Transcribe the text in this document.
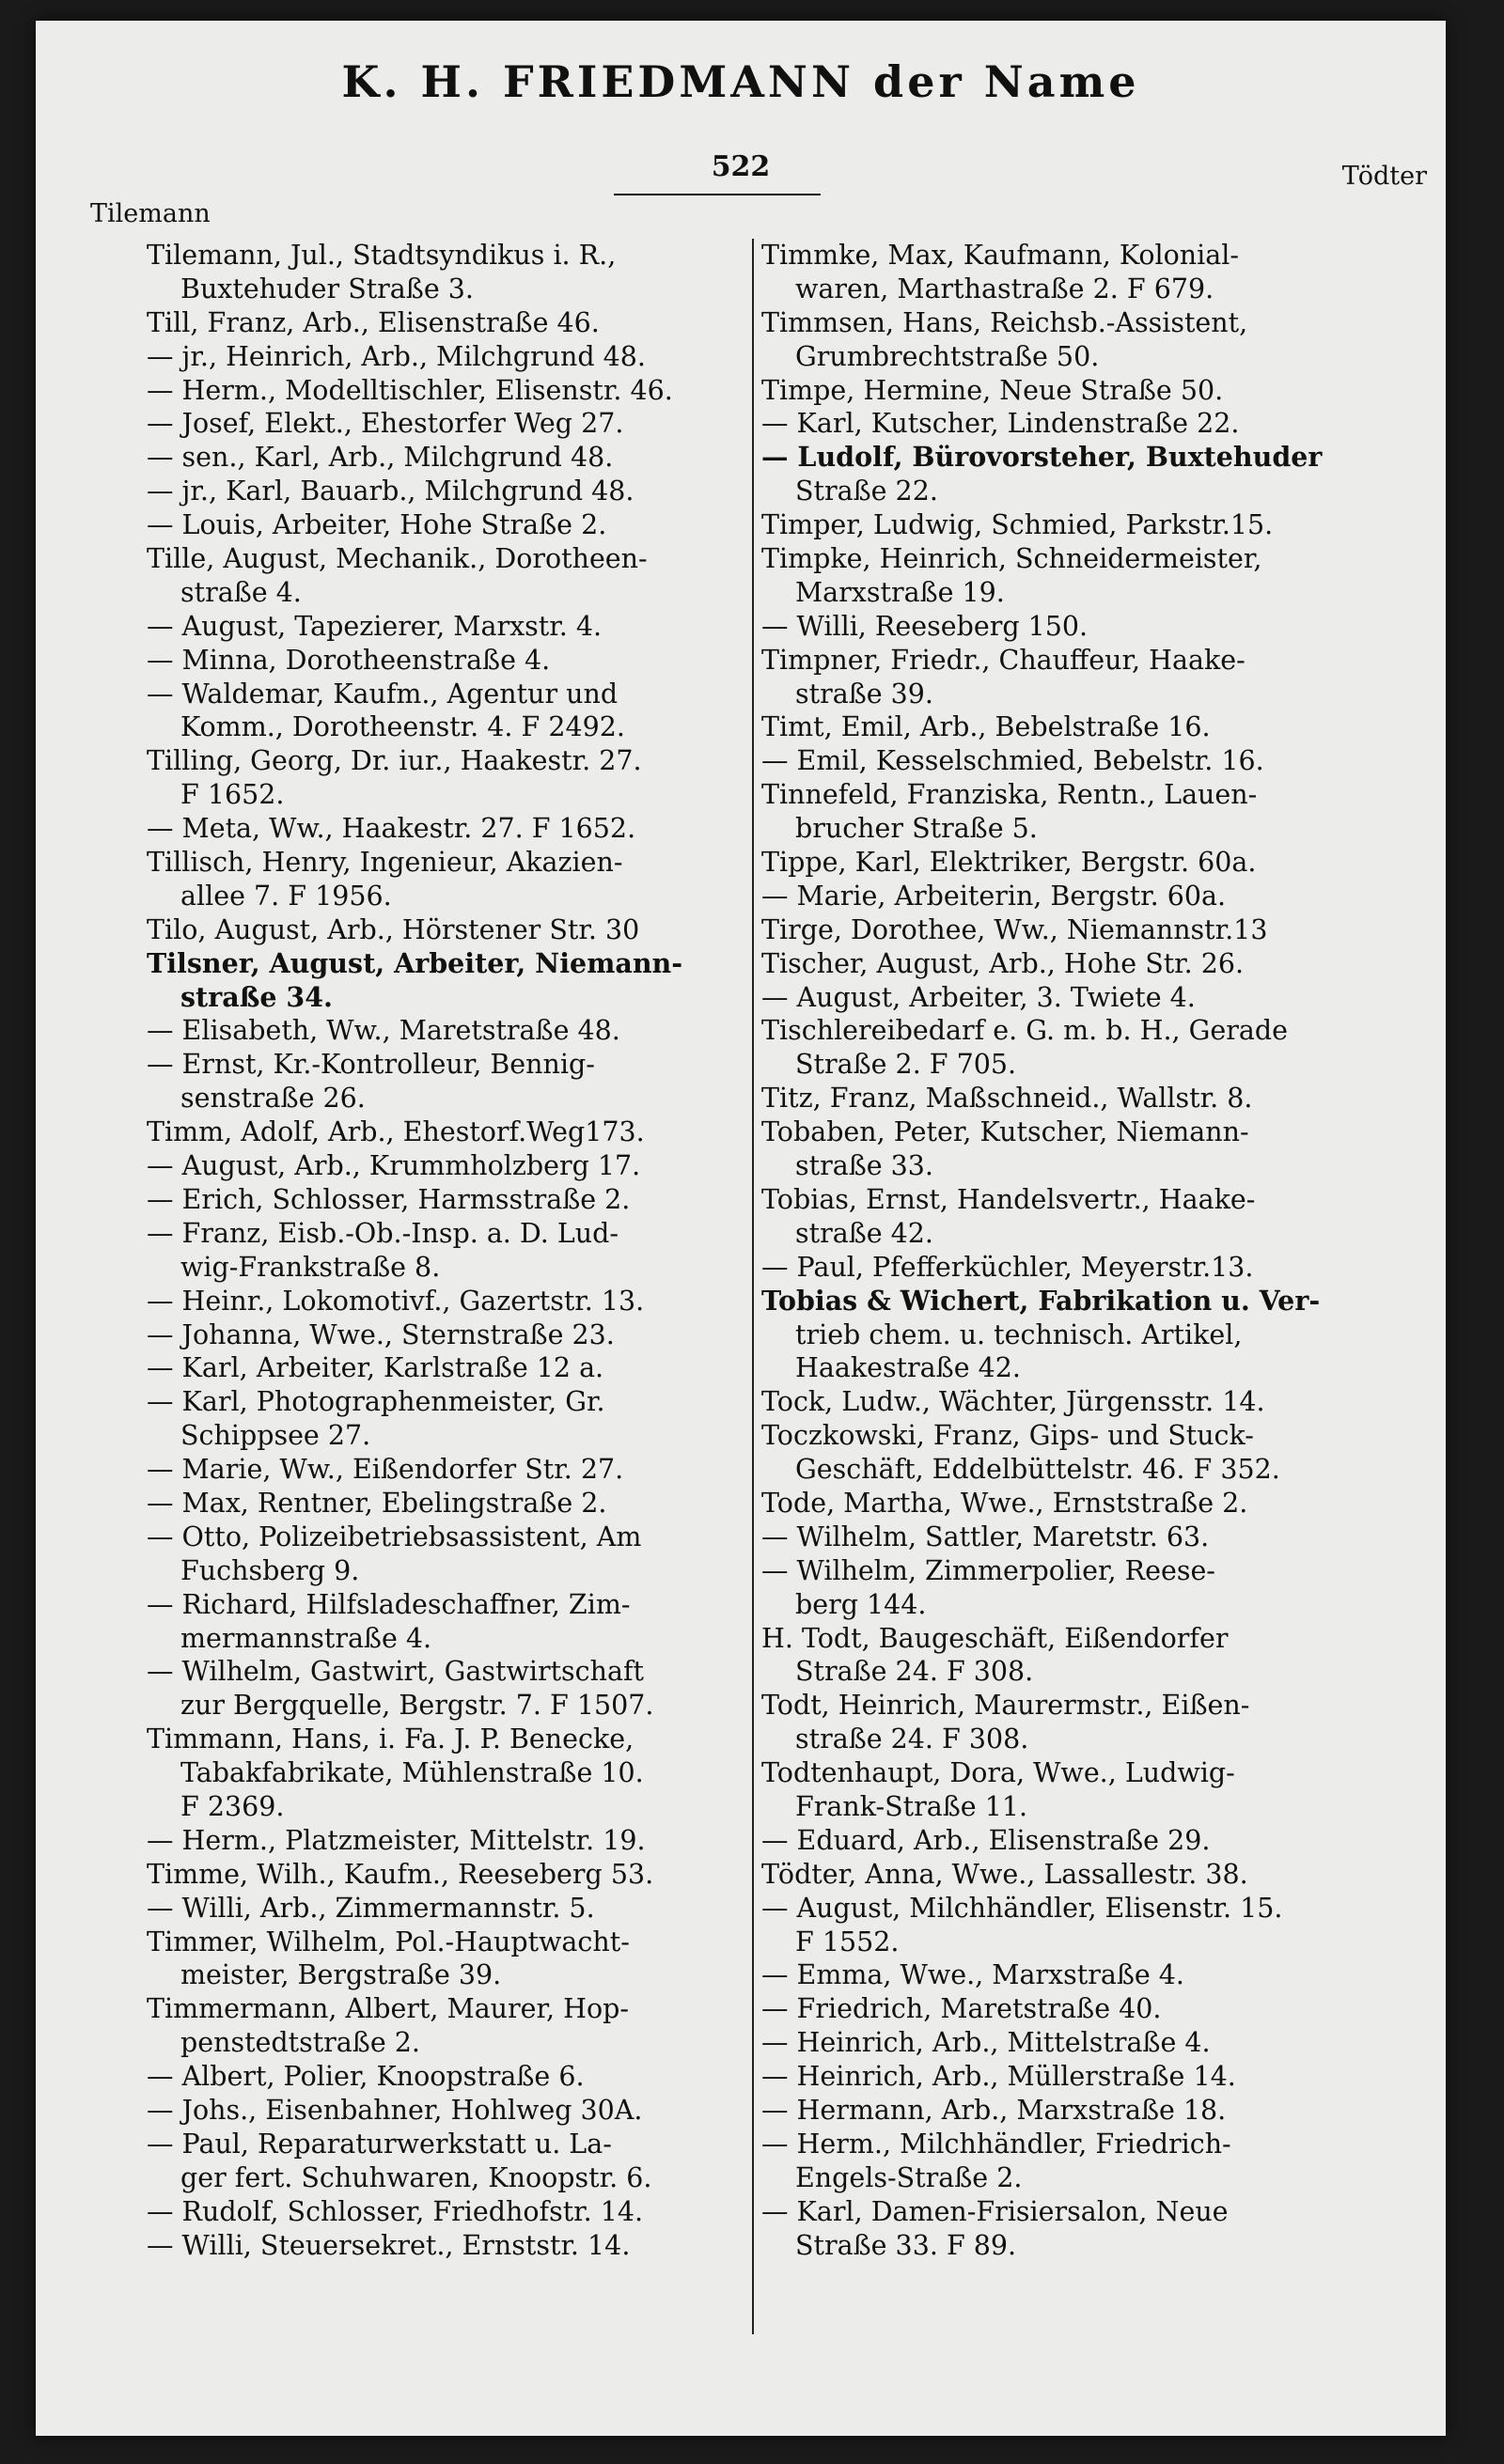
K. H. FRIEDMANN der Name
522
Tilemann
Tödter
Tilemann, Jul., Stadtsyndikus i. R.,
Buxtehuder Straße 3.
Till, Franz, Arb., Elisenstraße 46.
— jr., Heinrich, Arb., Milchgrund 48.
— Herm., Modelltischler, Elisenstr. 46.
— Josef, Elekt., Ehestorfer Weg 27.
— sen., Karl, Arb., Milchgrund 48.
— jr., Karl, Bauarb., Milchgrund 48.
— Louis, Arbeiter, Hohe Straße 2.
Tille, August, Mechanik., Dorotheen-
straße 4.
— August, Tapezierer, Marxstr. 4.
— Minna, Dorotheenstraße 4.
— Waldemar, Kaufm., Agentur und
Komm., Dorotheenstr. 4. F 2492.
Tilling, Georg, Dr. iur., Haakestr. 27.
F 1652.
— Meta, Ww., Haakestr. 27. F 1652.
Tillisch, Henry, Ingenieur, Akazien-
allee 7. F 1956.
Tilo, August, Arb., Hörstener Str. 30
Tilsner, August, Arbeiter, Niemann-
straße 34.
— Elisabeth, Ww., Maretstraße 48.
— Ernst, Kr.-Kontrolleur, Bennig-
senstraße 26.
Timm, Adolf, Arb., Ehestorf.Weg173.
— August, Arb., Krummholzberg 17.
— Erich, Schlosser, Harmsstraße 2.
— Franz, Eisb.-Ob.-Insp. a. D. Lud-
wig-Frankstraße 8.
— Heinr., Lokomotivf., Gazertstr. 13.
— Johanna, Wwe., Sternstraße 23.
— Karl, Arbeiter, Karlstraße 12 a.
— Karl, Photographenmeister, Gr.
Schippsee 27.
— Marie, Ww., Eißendorfer Str. 27.
— Max, Rentner, Ebelingstraße 2.
— Otto, Polizeibetriebsassistent, Am
Fuchsberg 9.
— Richard, Hilfsladeschaffner, Zim-
mermannstraße 4.
— Wilhelm, Gastwirt, Gastwirtschaft
zur Bergquelle, Bergstr. 7. F 1507.
Timmann, Hans, i. Fa. J. P. Benecke,
Tabakfabrikate, Mühlenstraße 10.
F 2369.
— Herm., Platzmeister, Mittelstr. 19.
Timme, Wilh., Kaufm., Reeseberg 53.
— Willi, Arb., Zimmermannstr. 5.
Timmer, Wilhelm, Pol.-Hauptwacht-
meister, Bergstraße 39.
Timmermann, Albert, Maurer, Hop-
penstedtstraße 2.
— Albert, Polier, Knoopstraße 6.
— Johs., Eisenbahner, Hohlweg 30A.
— Paul, Reparaturwerkstatt u. La-
ger fert. Schuhwaren, Knoopstr. 6.
— Rudolf, Schlosser, Friedhofstr. 14.
— Willi, Steuersekret., Ernststr. 14.
Timmke, Max, Kaufmann, Kolonial-
waren, Marthastraße 2. F 679.
Timmsen, Hans, Reichsb.-Assistent,
Grumbrechtstraße 50.
Timpe, Hermine, Neue Straße 50.
— Karl, Kutscher, Lindenstraße 22.
— Ludolf, Bürovorsteher, Buxtehuder
Straße 22.
Timper, Ludwig, Schmied, Parkstr.15.
Timpke, Heinrich, Schneidermeister,
Marxstraße 19.
— Willi, Reeseberg 150.
Timpner, Friedr., Chauffeur, Haake-
straße 39.
Timt, Emil, Arb., Bebelstraße 16.
— Emil, Kesselschmied, Bebelstr. 16.
Tinnefeld, Franziska, Rentn., Lauen-
brucher Straße 5.
Tippe, Karl, Elektriker, Bergstr. 60a.
— Marie, Arbeiterin, Bergstr. 60a.
Tirge, Dorothee, Ww., Niemannstr.13
Tischer, August, Arb., Hohe Str. 26.
— August, Arbeiter, 3. Twiete 4.
Tischlereibedarf e. G. m. b. H., Gerade
Straße 2. F 705.
Titz, Franz, Maßschneid., Wallstr. 8.
Tobaben, Peter, Kutscher, Niemann-
straße 33.
Tobias, Ernst, Handelsvertr., Haake-
straße 42.
— Paul, Pfefferküchler, Meyerstr.13.
Tobias & Wichert, Fabrikation u. Ver-
trieb chem. u. technisch. Artikel,
Haakestraße 42.
Tock, Ludw., Wächter, Jürgensstr. 14.
Toczkowski, Franz, Gips- und Stuck-
Geschäft, Eddelbüttelstr. 46. F 352.
Tode, Martha, Wwe., Ernststraße 2.
— Wilhelm, Sattler, Maretstr. 63.
— Wilhelm, Zimmerpolier, Reese-
berg 144.
H. Todt, Baugeschäft, Eißendorfer
Straße 24. F 308.
Todt, Heinrich, Maurermstr., Eißen-
straße 24. F 308.
Todtenhaupt, Dora, Wwe., Ludwig-
Frank-Straße 11.
— Eduard, Arb., Elisenstraße 29.
Tödter, Anna, Wwe., Lassallestr. 38.
— August, Milchhändler, Elisenstr. 15.
F 1552.
— Emma, Wwe., Marxstraße 4.
— Friedrich, Maretstraße 40.
— Heinrich, Arb., Mittelstraße 4.
— Heinrich, Arb., Müllerstraße 14.
— Hermann, Arb., Marxstraße 18.
— Herm., Milchhändler, Friedrich-
Engels-Straße 2.
— Karl, Damen-Frisiersalon, Neue
Straße 33. F 89.
